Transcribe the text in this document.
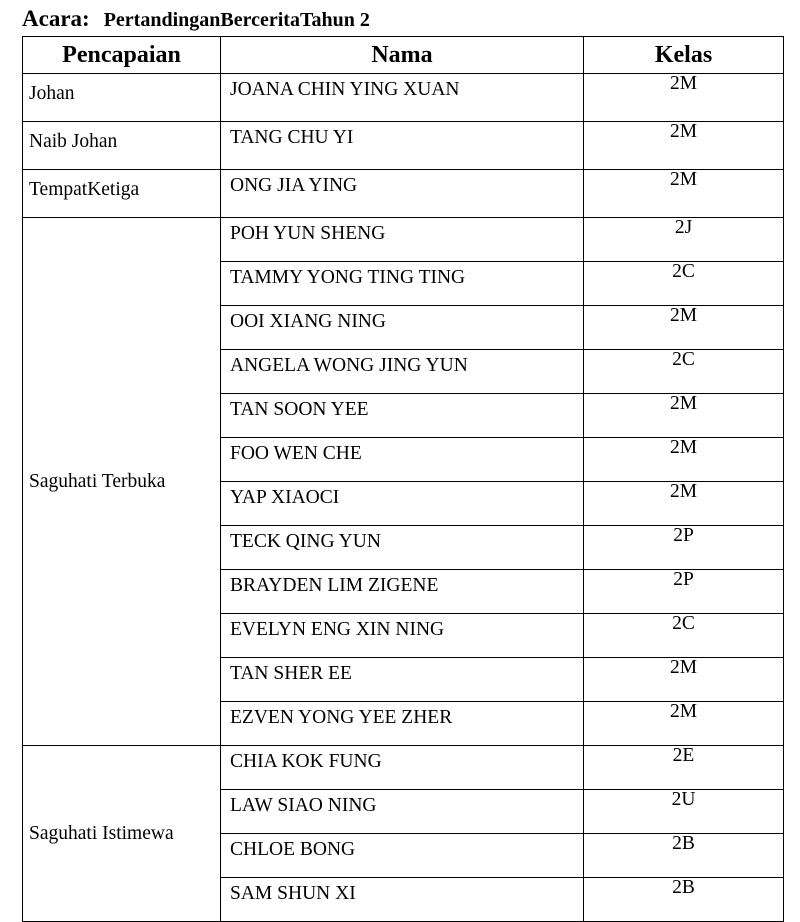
Acara: PertandinganBerceritaTahun 2
Pencapaian	Nama	Kelas
Johan	JOANA CHIN YING XUAN	2M
Naib Johan	TANG CHU YI	2M
TempatKetiga	ONG JIA YING	2M
Saguhati Terbuka	POH YUN SHENG	2J
	TAMMY YONG TING TING	2C
	OOI XIANG NING	2M
	ANGELA WONG JING YUN	2C
	TAN SOON YEE	2M
	FOO WEN CHE	2M
	YAP XIAOCI	2M
	TECK QING YUN	2P
	BRAYDEN LIM ZIGENE	2P
	EVELYN ENG XIN NING	2C
	TAN SHER EE	2M
	EZVEN YONG YEE ZHER	2M
Saguhati Istimewa	CHIA KOK FUNG	2E
	LAW SIAO NING	2U
	CHLOE BONG	2B
	SAM SHUN XI	2B
